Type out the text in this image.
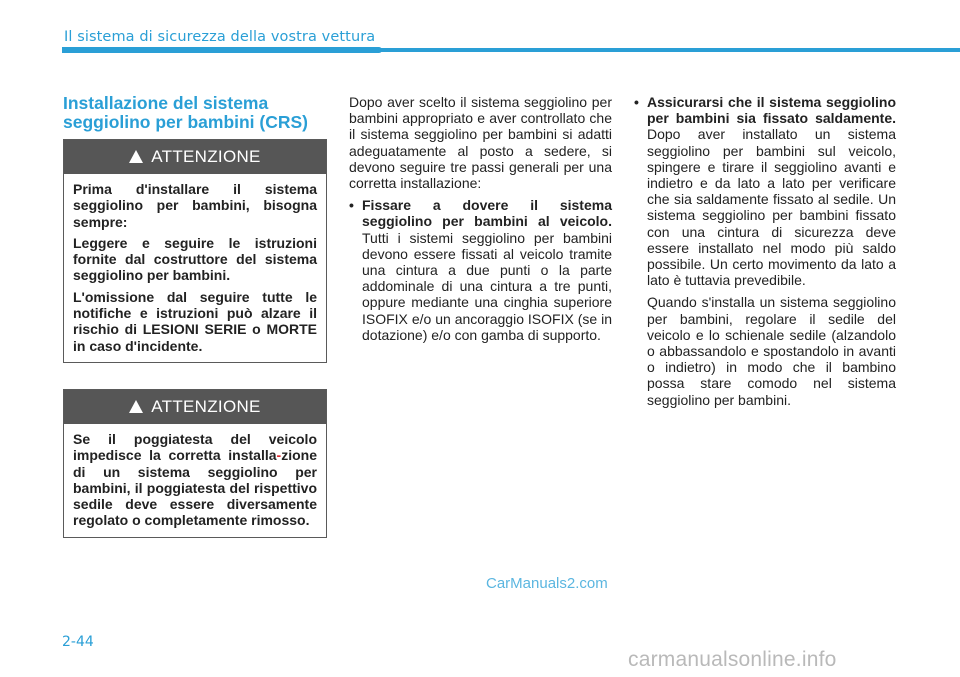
Il sistema di sicurezza della vostra vettura
Installazione del sistema seggiolino per bambini (CRS)
ATTENZIONE

Prima d'installare il sistema seggiolino per bambini, bisogna sempre:

Leggere e seguire le istruzioni fornite dal costruttore del sistema seggiolino per bambini.

L'omissione dal seguire tutte le notifiche e istruzioni può alzare il rischio di LESIONI SERIE o MORTE in caso d'incidente.

ATTENZIONE

Se il poggiatesta del veicolo impedisce la corretta installa-zione di un sistema seggiolino per bambini, il poggiatesta del rispettivo sedile deve essere diversamente regolato o completamente rimosso.

Dopo aver scelto il sistema seggiolino per bambini appropriato e aver controllato che il sistema seggiolino per bambini si adatti adeguatamente al posto a sedere, si devono seguire tre passi generali per una corretta installazione:

• Fissare a dovere il sistema seggiolino per bambini al veicolo. Tutti i sistemi seggiolino per bambini devono essere fissati al veicolo tramite una cintura a due punti o la parte addominale di una cintura a tre punti, oppure mediante una cinghia superiore ISOFIX e/o un ancoraggio ISOFIX (se in dotazione) e/o con gamba di supporto.
• Assicurarsi che il sistema seggiolino per bambini sia fissato saldamente. Dopo aver installato un sistema seggiolino per bambini sul veicolo, spingere e tirare il seggiolino avanti e indietro e da lato a lato per verificare che sia saldamente fissato al sedile. Un sistema seggiolino per bambini fissato con una cintura di sicurezza deve essere installato nel modo più saldo possibile. Un certo movimento da lato a lato è tuttavia prevedibile.

Quando s'installa un sistema seggiolino per bambini, regolare il sedile del veicolo e lo schienale sedile (alzandolo o abbassandolo e spostandolo in avanti o indietro) in modo che il bambino possa stare comodo nel sistema seggiolino per bambini.

CarManuals2.com
2-44
carmanualsonline.info
